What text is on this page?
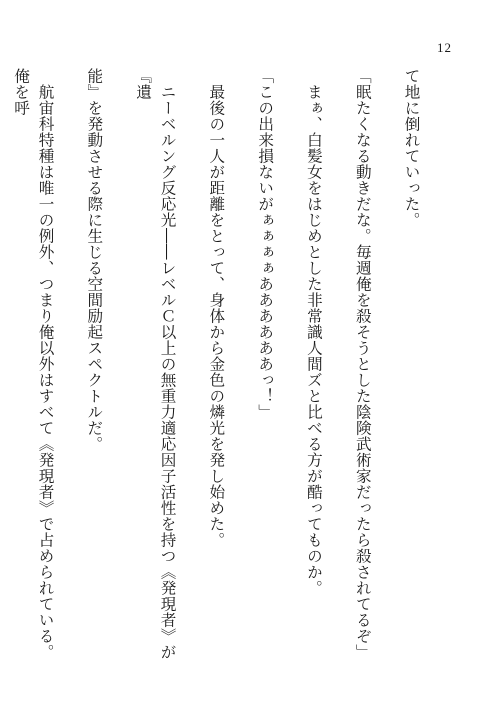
12

て地に倒れていった。

「眠たくなる動きだな。毎週俺を殺そうとした陰険武術家だったら殺されてるぞ」

　まぁ、白髪女をはじめとした非常識人間ズと比べる方が酷ってものか。

「この出来損ないがぁぁぁぁああああああっ！」

　最後の一人が距離をとって、身体から金色の燐光を発し始めた。

　ニーベルング反応光――レベルＣ以上の無重力適応因子活性を持つ《発現者》が『遺

能』を発動させる際に生じる空間励起スペクトルだ。

　航宙科特種は唯一の例外、つまり俺以外はすべて《発現者》で占められている。俺を呼
